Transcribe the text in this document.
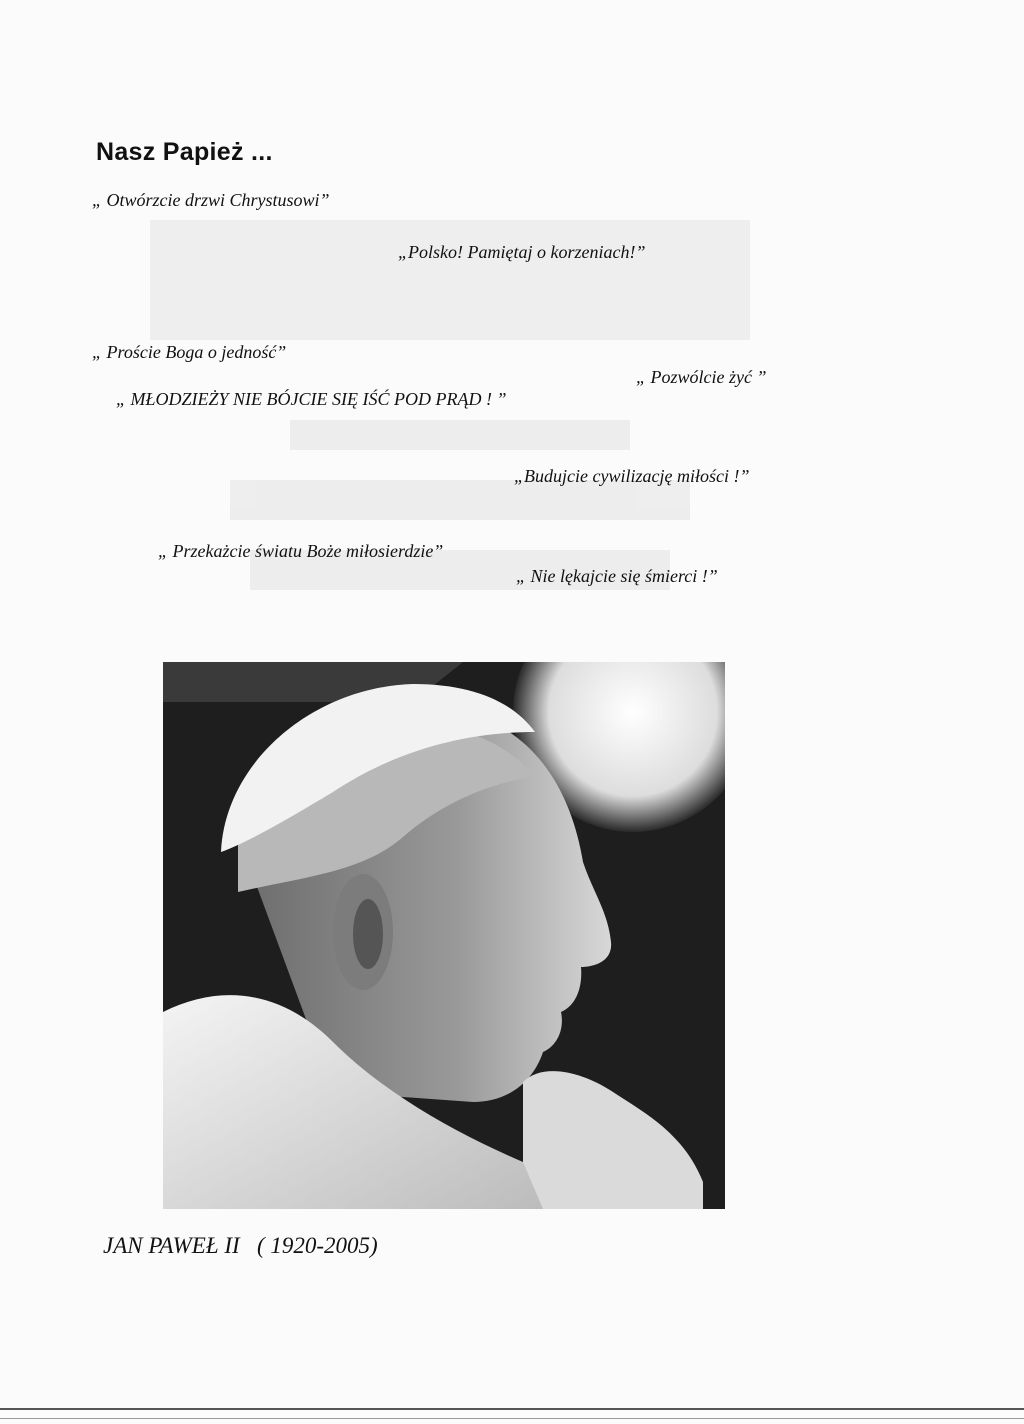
Nasz Papież ...
„ Otwórzcie drzwi Chrystusowi”
„Polsko! Pamiętaj o korzeniach!”
„ Proście Boga o jedność”
„ Pozwólcie żyć ”
„ MŁODZIEŻY NIE BÓJCIE SIĘ IŚĆ POD PRĄD ! ”
„Budujcie cywilizację miłości !”
„ Przekażcie światu Boże miłosierdzie”
„ Nie lękajcie się śmierci !”
JAN PAWEŁ II   ( 1920-2005)
